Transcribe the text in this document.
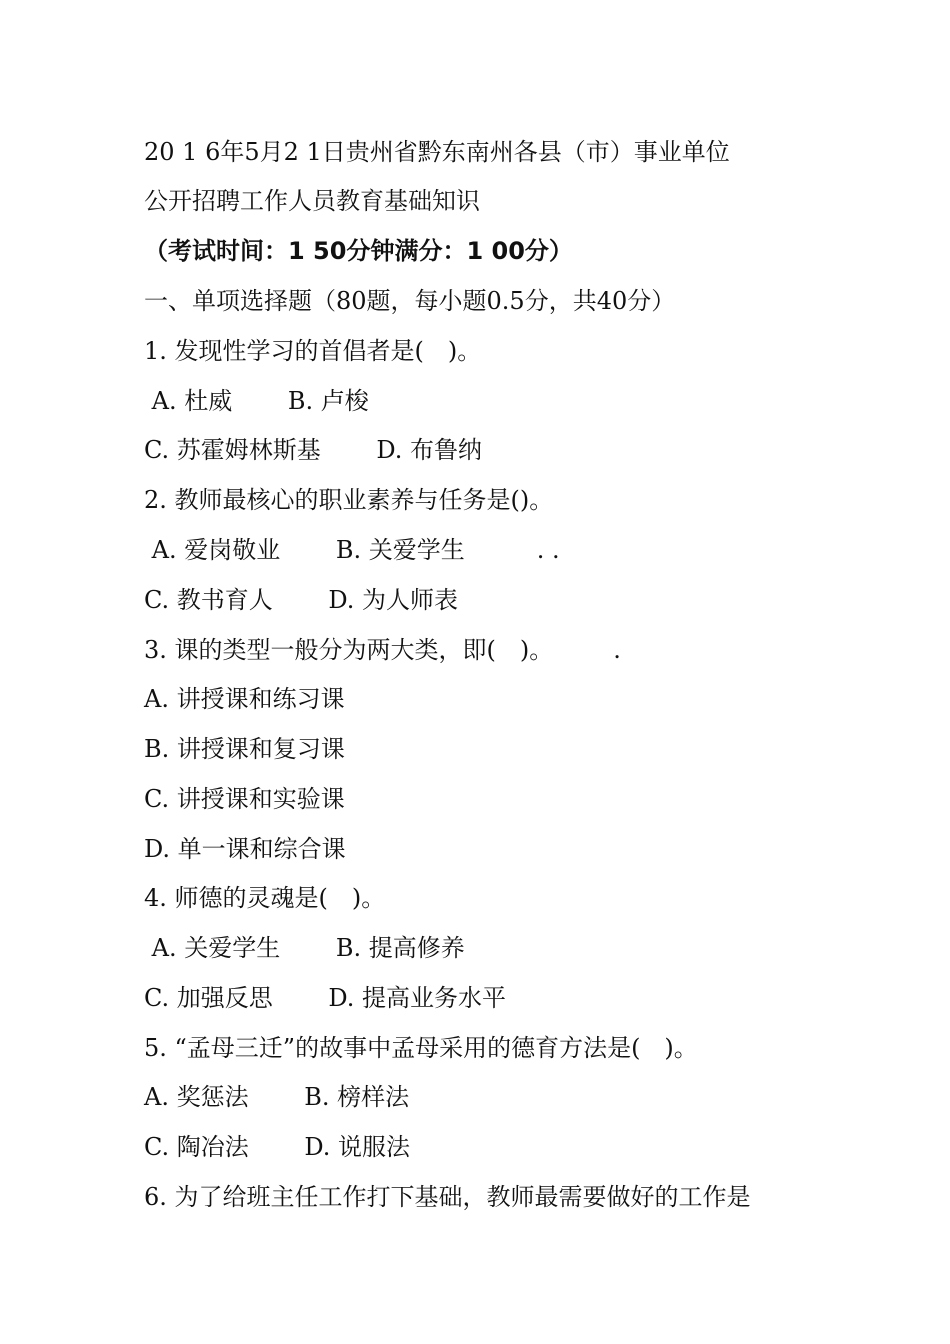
20 1 6年5月2 1日贵州省黔东南州各县（市）事业单位
公开招聘工作人员教育基础知识
（考试时间：1 50分钟满分：1 00分）
一、单项选择题（80题，每小题0.5分，共40分）
1. 发现性学习的首倡者是(　)。
A. 杜威　　 B. 卢梭
C. 苏霍姆林斯基　　 D. 布鲁纳
2. 教师最核心的职业素养与任务是()。
A. 爱岗敬业　　 B. 关爱学生　　　. .
C. 教书育人　　 D. 为人师表
3. 课的类型一般分为两大类，即(　)。　　　.
A. 讲授课和练习课
B. 讲授课和复习课
C. 讲授课和实验课
D. 单一课和综合课
4. 师德的灵魂是(　)。
A. 关爱学生　　 B. 提高修养
C. 加强反思　　 D. 提高业务水平
5. “孟母三迁”的故事中孟母采用的德育方法是(　)。
A. 奖惩法　　 B. 榜样法
C. 陶冶法　　 D. 说服法
6. 为了给班主任工作打下基础，教师最需要做好的工作是
